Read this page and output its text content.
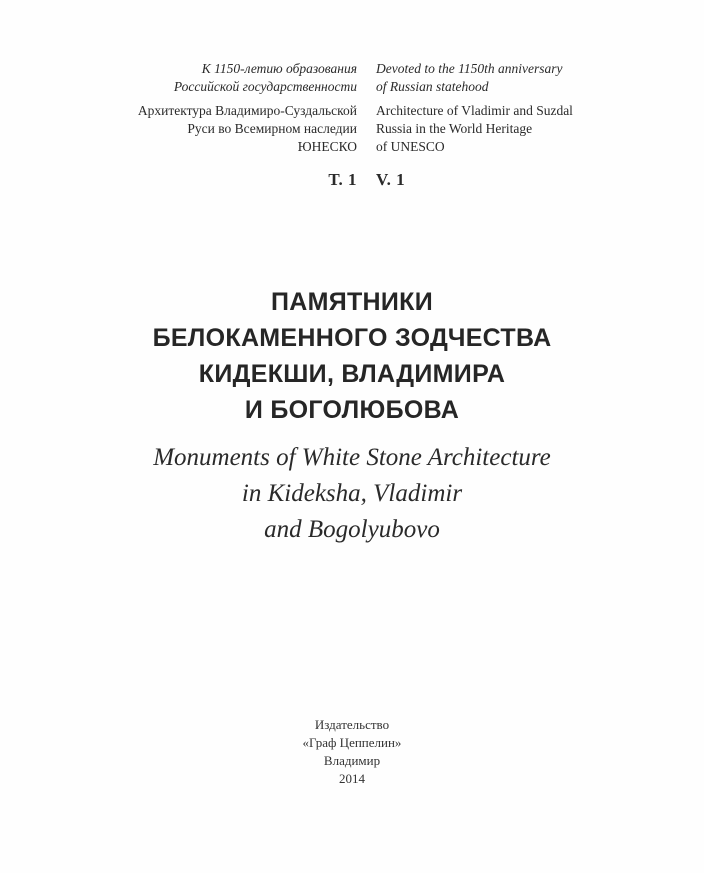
К 1150-летию образования
Российской государственности
Архитектура Владимиро-Суздальской
Руси во Всемирном наследии
ЮНЕСКО
Т. 1
Devoted to the 1150th anniversary
of Russian statehood
Architecture of Vladimir and Suzdal
Russia in the World Heritage
of UNESCO
V. 1
ПАМЯТНИКИ
БЕЛОКАМЕННОГО ЗОДЧЕСТВА
КИДЕКШИ, ВЛАДИМИРА
И БОГОЛЮБОВА
Monuments of White Stone Architecture
in Kideksha, Vladimir
and Bogolyubovo
Издательство
«Граф Цеппелин»
Владимир
2014
